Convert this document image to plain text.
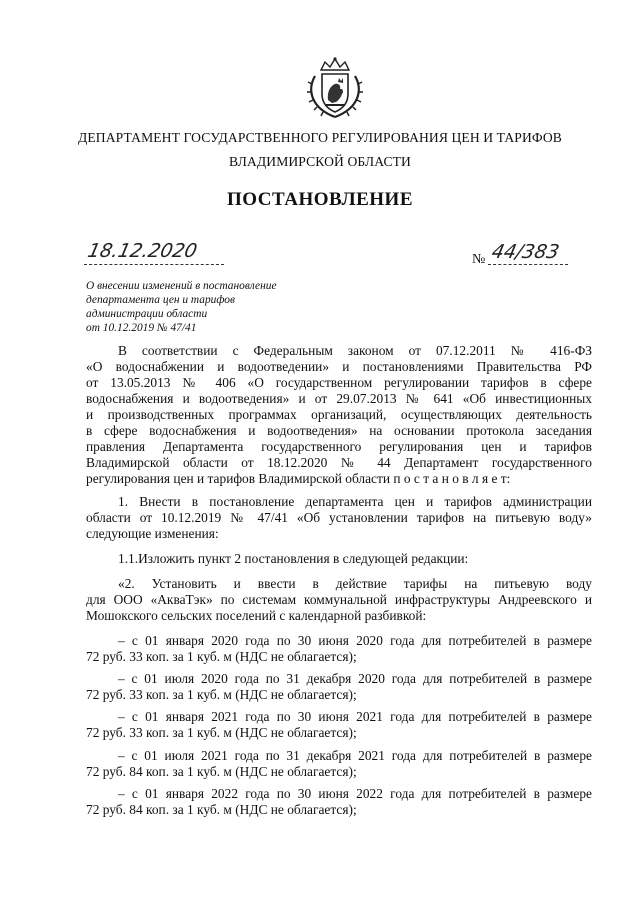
ДЕПАРТАМЕНТ ГОСУДАРСТВЕННОГО РЕГУЛИРОВАНИЯ ЦЕН И ТАРИФОВ
ВЛАДИМИРСКОЙ ОБЛАСТИ
ПОСТАНОВЛЕНИЕ
18.12.2020	№ 44/383
О внесении изменений в постановление
департамента цен и тарифов
администрации области
от 10.12.2019 № 47/41
В соответствии с Федеральным законом от 07.12.2011 № 416-ФЗ
«О водоснабжении и водоотведении» и постановлениями Правительства РФ
от 13.05.2013 № 406 «О государственном регулировании тарифов в сфере
водоснабжения и водоотведения» и от 29.07.2013 № 641 «Об инвестиционных
и производственных программах организаций, осуществляющих деятельность
в сфере водоснабжения и водоотведения» на основании протокола заседания
правления Департамента государственного регулирования цен и тарифов
Владимирской области от 18.12.2020 № 44 Департамент государственного
регулирования цен и тарифов Владимирской области п о с т а н о в л я е т:
1. Внести в постановление департамента цен и тарифов администрации
области от 10.12.2019 № 47/41 «Об установлении тарифов на питьевую воду»
следующие изменения:
1.1.Изложить пункт 2 постановления в следующей редакции:
«2. Установить и ввести в действие тарифы на питьевую воду
для ООО «АкваТэк» по системам коммунальной инфраструктуры Андреевского и
Мошокского сельских поселений с календарной разбивкой:
– с 01 января 2020 года по 30 июня 2020 года для потребителей в размере
72 руб. 33 коп. за 1 куб. м (НДС не облагается);
– с 01 июля 2020 года по 31 декабря 2020 года для потребителей в размере
72 руб. 33 коп. за 1 куб. м (НДС не облагается);
– с 01 января 2021 года по 30 июня 2021 года для потребителей в размере
72 руб. 33 коп. за 1 куб. м (НДС не облагается);
– с 01 июля 2021 года по 31 декабря 2021 года для потребителей в размере
72 руб. 84 коп. за 1 куб. м (НДС не облагается);
– с 01 января 2022 года по 30 июня 2022 года для потребителей в размере
72 руб. 84 коп. за 1 куб. м (НДС не облагается);
